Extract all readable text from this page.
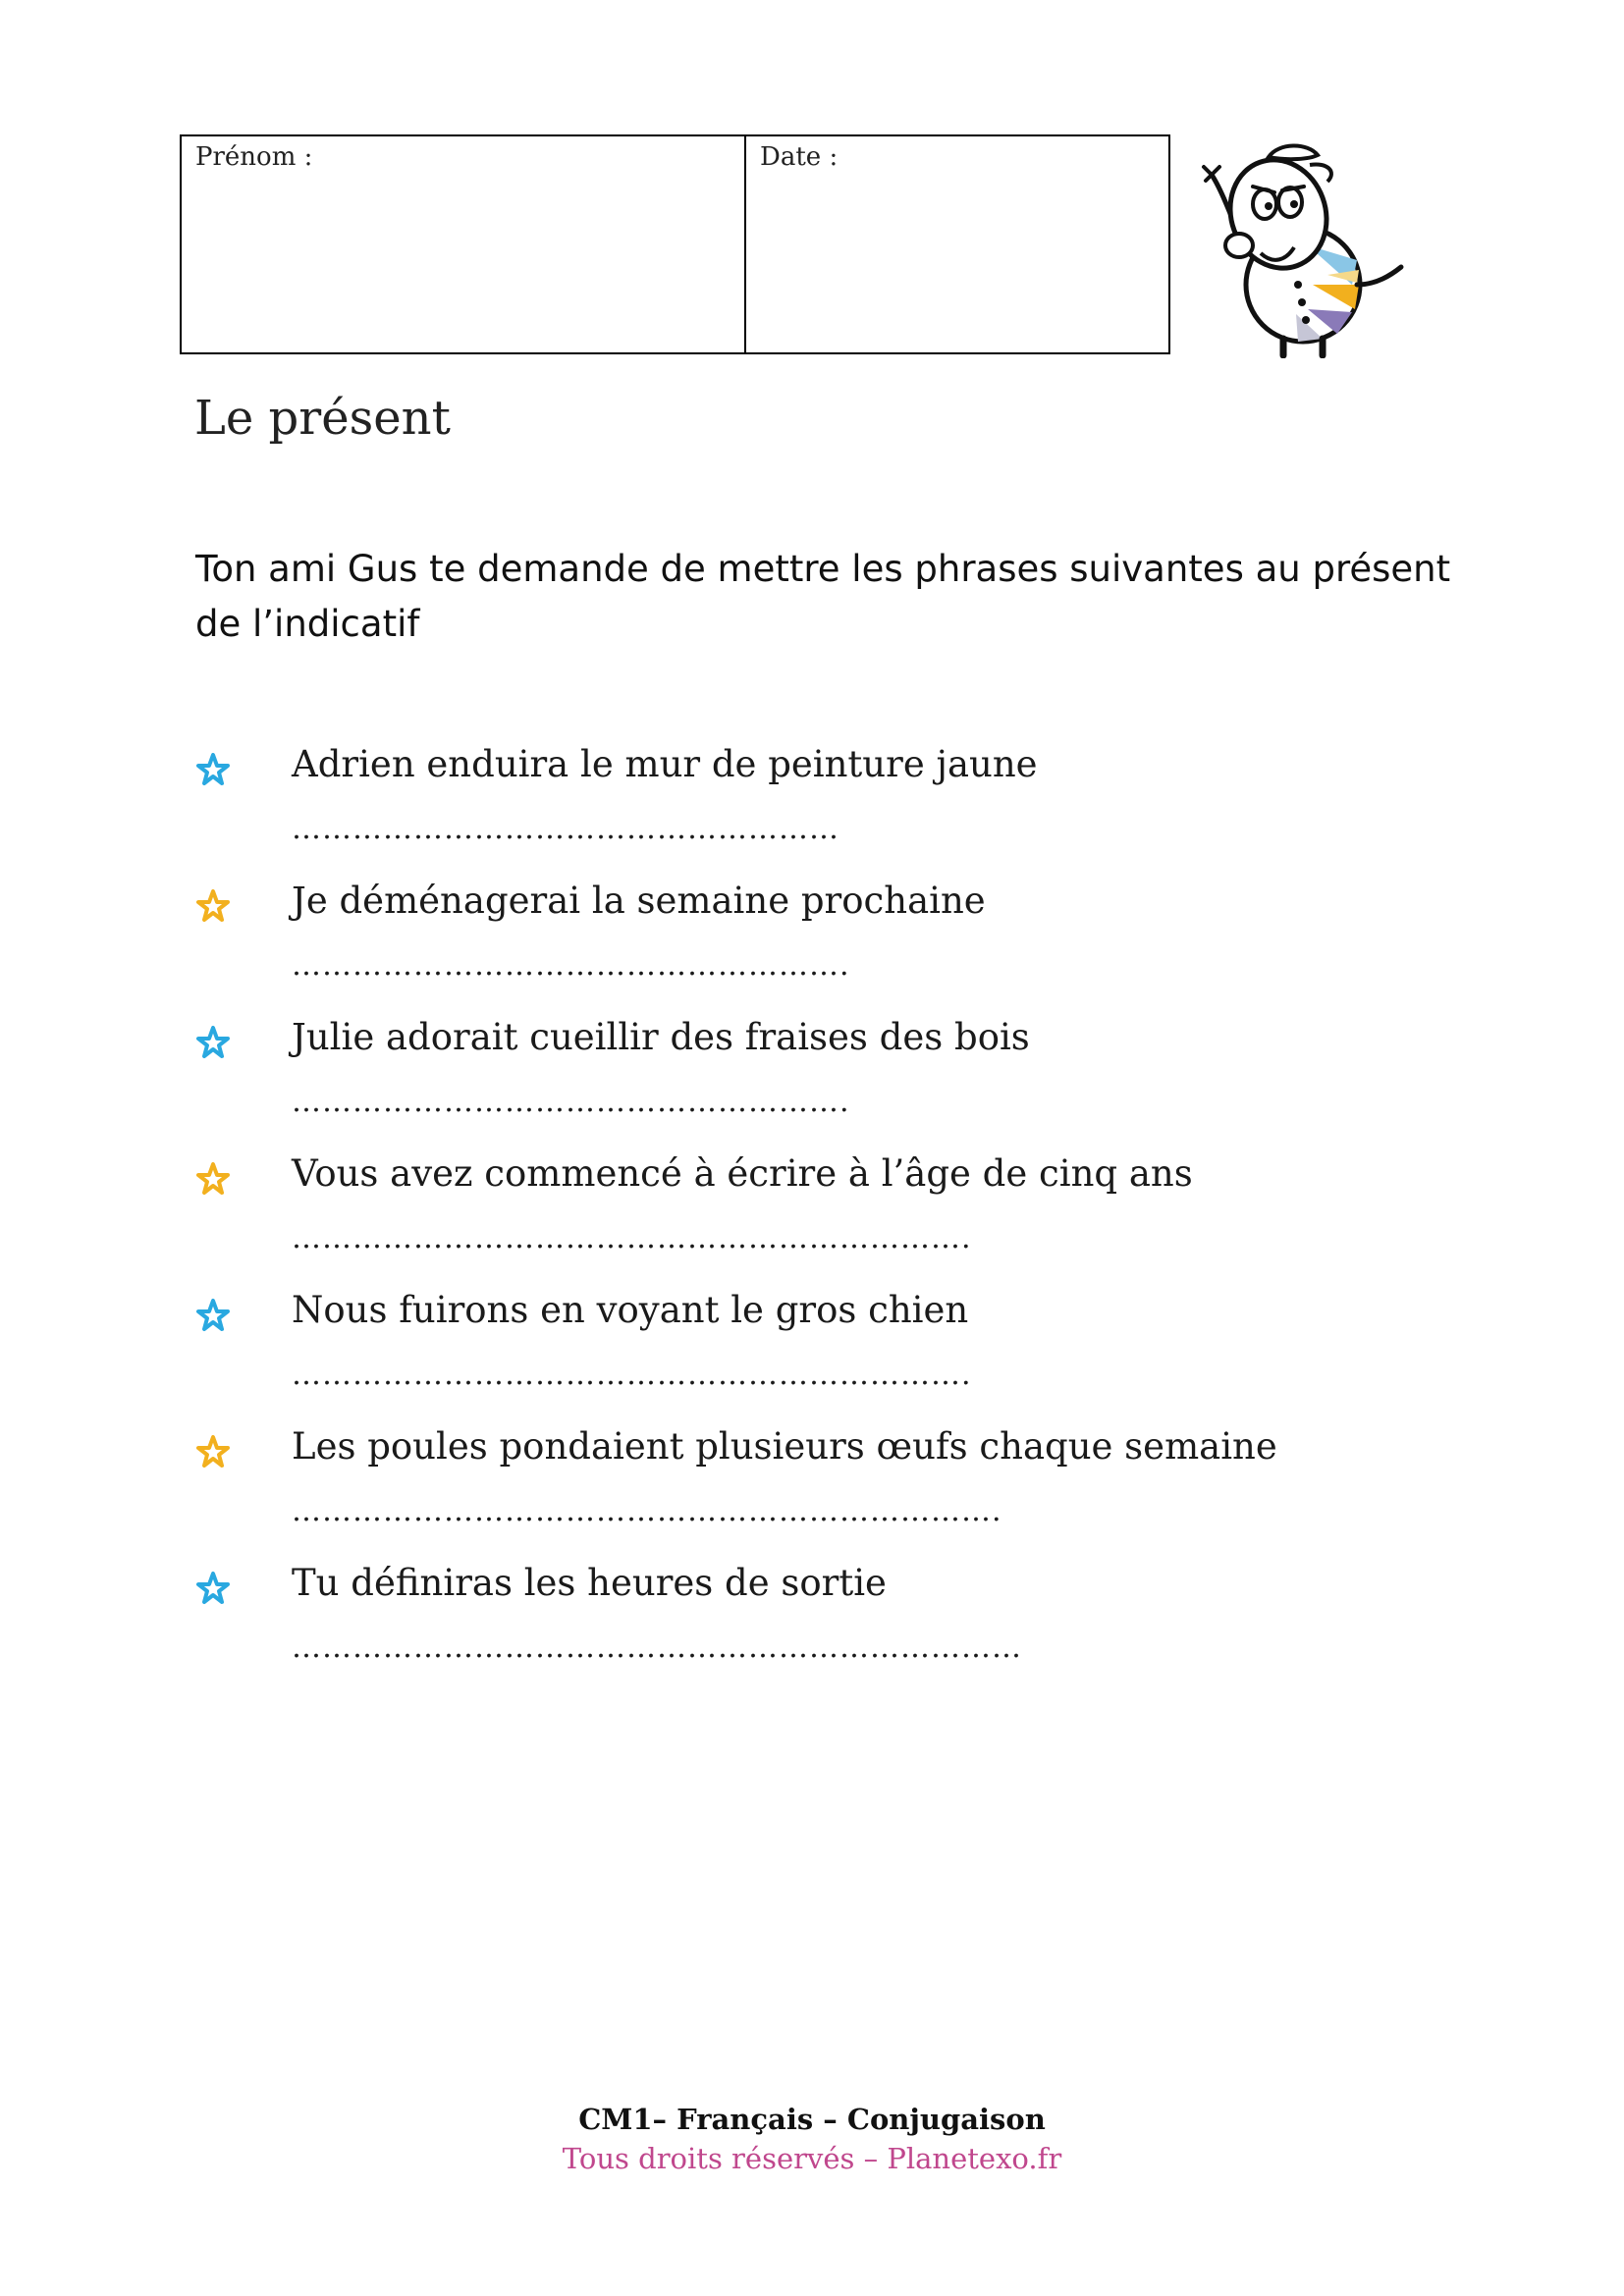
Prénom :	Date :
Le présent
Ton ami Gus te demande de mettre les phrases suivantes au présent de l’indicatif
Adrien enduira le mur de peinture jaune
………………………………………………
Je déménagerai la semaine prochaine
……………………………………………….
Julie adorait cueillir des fraises des bois
……………………………………………….
Vous avez commencé à écrire à l’âge de cinq ans
………………………………………………………….
Nous fuirons en voyant le gros chien
………………………………………………………….
Les poules pondaient plusieurs œufs chaque semaine
…………………………………………………………….
Tu définiras les heures de sortie
………………………………………………………………
CM1– Français – Conjugaison
Tous droits réservés – Planetexo.fr
